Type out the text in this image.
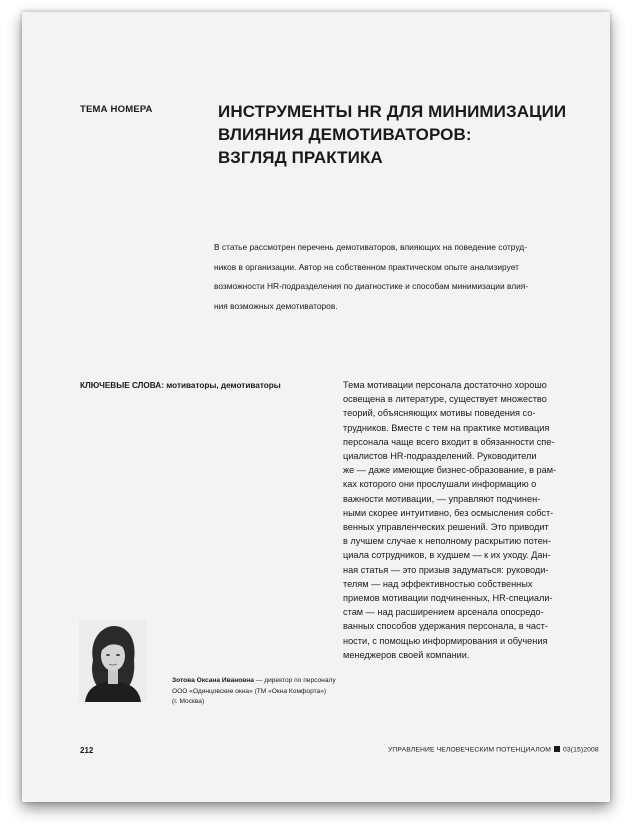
ТЕМА НОМЕРА	ИНСТРУМЕНТЫ HR ДЛЯ МИНИМИЗАЦИИ
ВЛИЯНИЯ ДЕМОТИВАТОРОВ:
ВЗГЛЯД ПРАКТИКА
В статье рассмотрен перечень демотиваторов, влияющих на поведение сотруд-
ников в организации. Автор на собственном практическом опыте анализирует
возможности HR-подразделения по диагностике и способам минимизации влия-
ния возможных демотиваторов.
КЛЮЧЕВЫЕ СЛОВА: мотиваторы, демотиваторы	Тема мотивации персонала достаточно хорошо
освещена в литературе, существует множество
теорий, объясняющих мотивы поведения со-
трудников. Вместе с тем на практике мотивация
персонала чаще всего входит в обязанности спе-
циалистов HR-подразделений. Руководители
же — даже имеющие бизнес-образование, в рам-
ках которого они прослушали информацию о
важности мотивации, — управляют подчинен-
ными скорее интуитивно, без осмысления собст-
венных управленческих решений. Это приводит
в лучшем случае к неполному раскрытию потен-
циала сотрудников, в худшем — к их уходу. Дан-
ная статья — это призыв задуматься: руководи-
телям — над эффективностью собственных
приемов мотивации подчиненных, HR-специали-
стам — над расширением арсенала опосредо-
ванных способов удержания персонала, в част-
ности, с помощью информирования и обучения
менеджеров своей компании.
Зотова Оксана Ивановна — директор по персоналу
ООО «Одинцовские окна» (ТМ «Окна Комфорта»)
(г. Москва)
212	УПРАВЛЕНИЕ ЧЕЛОВЕЧЕСКИМ ПОТЕНЦИАЛОМ 03(15)2008
